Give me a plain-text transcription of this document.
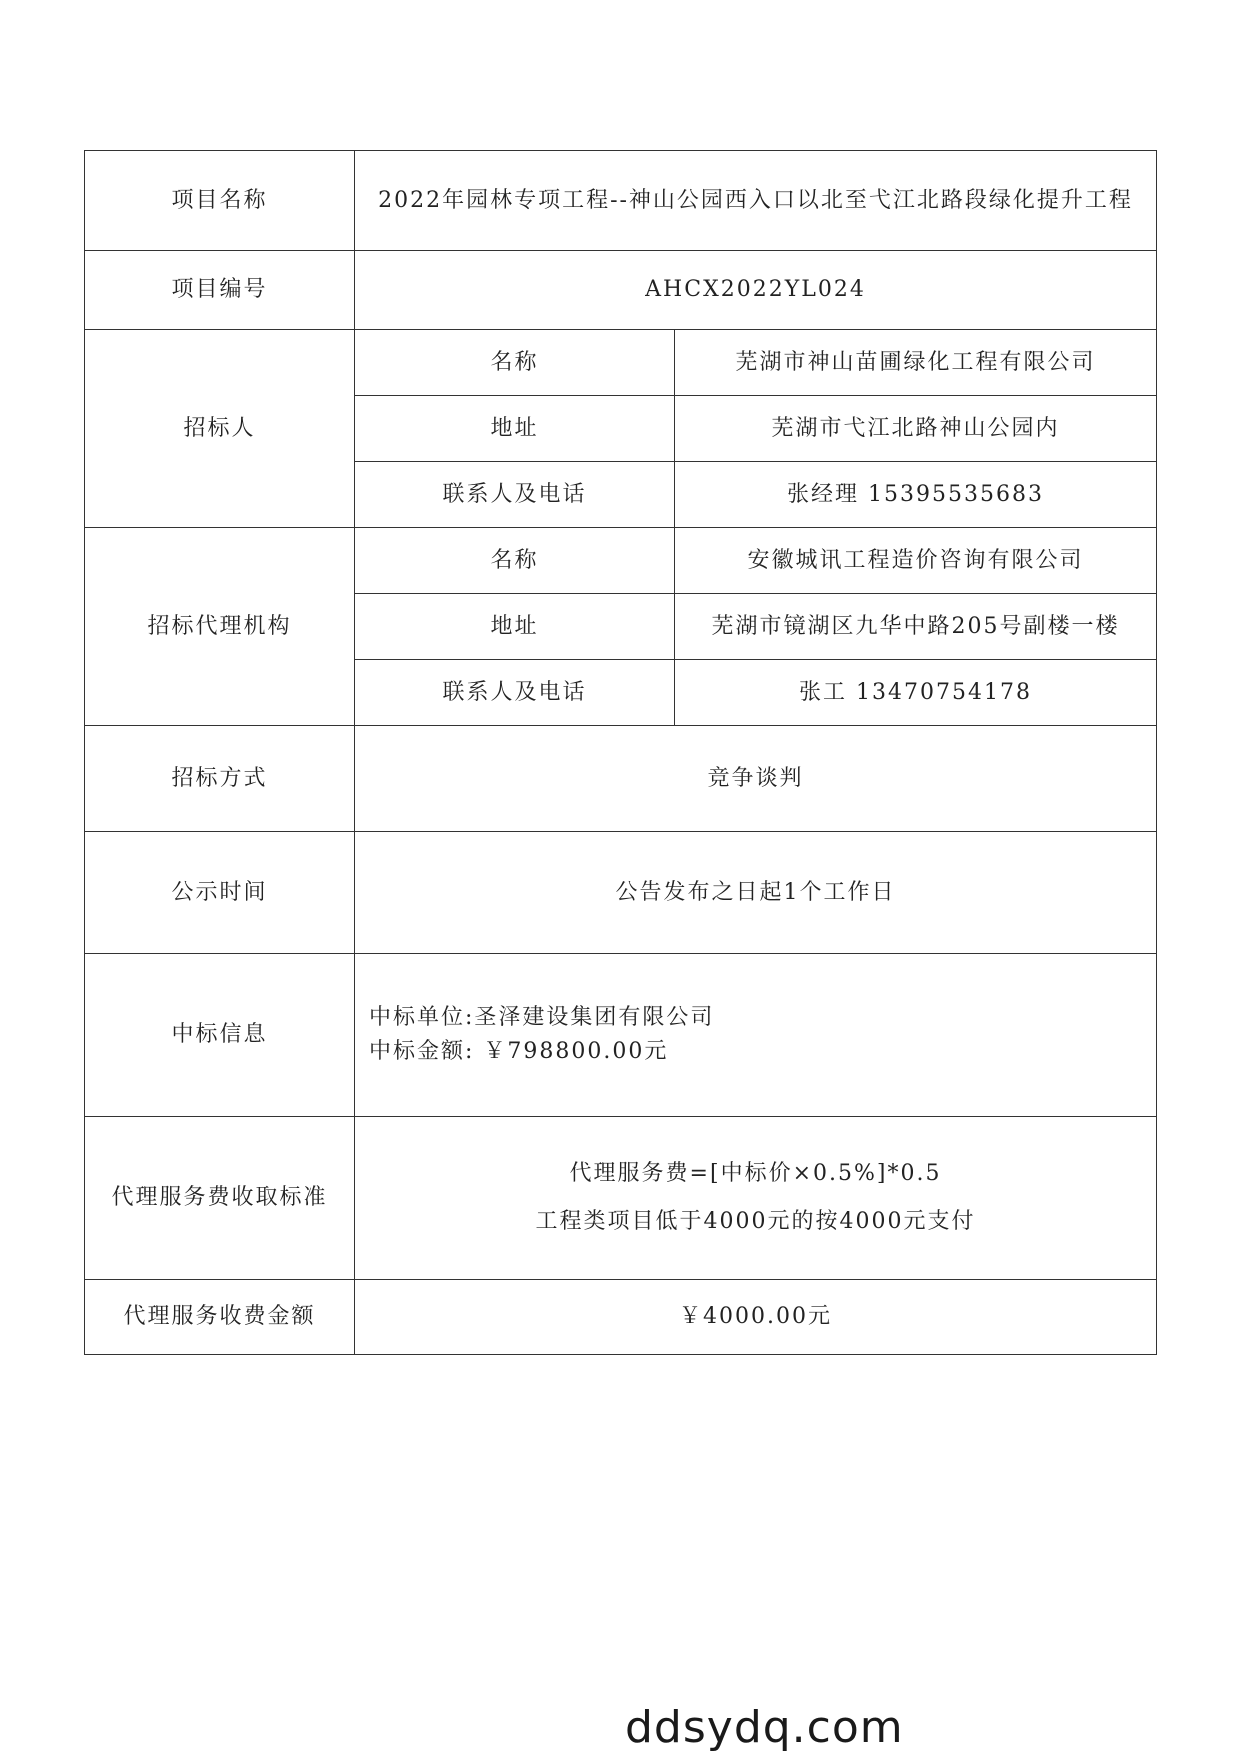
项目名称	2022年园林专项工程--神山公园西入口以北至弋江北路段绿化提升工程	
项目编号	AHCX2022YL024	
招标人	名称	芜湖市神山苗圃绿化工程有限公司
	地址	芜湖市弋江北路神山公园内
	联系人及电话	张经理 15395535683
招标代理机构	名称	安徽城讯工程造价咨询有限公司
	地址	芜湖市镜湖区九华中路205号副楼一楼
	联系人及电话	张工 13470754178
招标方式	竞争谈判	
公示时间	公告发布之日起1个工作日	
中标信息	中标单位:圣泽建设集团有限公司
中标金额: ￥798800.00元	

代理服务费收取标准	代理服务费=[中标价×0.5%]*0.5
工程类项目低于4000元的按4000元支付	

代理服务收费金额	￥4000.00元	
ddsydq.com
